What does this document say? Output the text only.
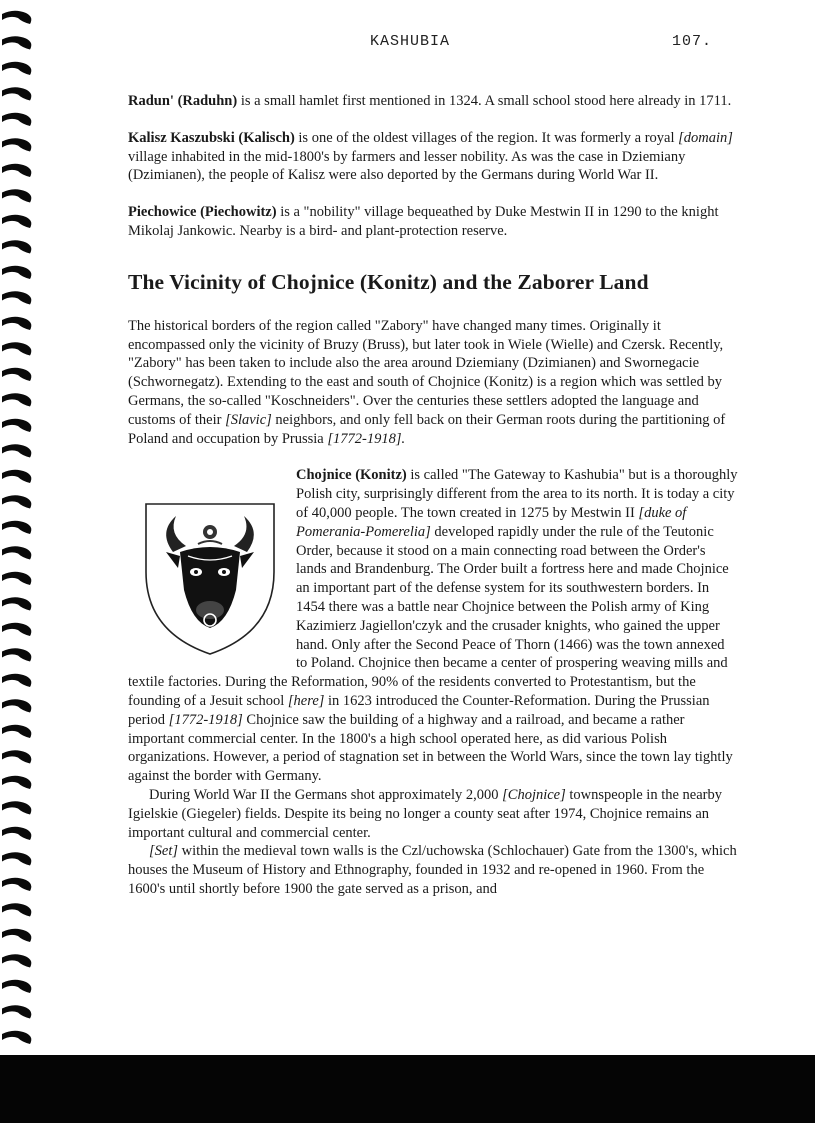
KASHUBIA	107.

Radun' (Raduhn) is a small hamlet first mentioned in 1324. A small school stood here already in 1711.

Kalisz Kaszubski (Kalisch) is one of the oldest villages of the region. It was formerly a royal [domain] village inhabited in the mid-1800's by farmers and lesser nobility. As was the case in Dziemiany (Dzimianen), the people of Kalisz were also deported by the Germans during World War II.

Piechowice (Piechowitz) is a "nobility" village bequeathed by Duke Mestwin II in 1290 to the knight Mikolaj Jankowic. Nearby is a bird- and plant-protection reserve.

The Vicinity of Chojnice (Konitz) and the Zaborer Land

The historical borders of the region called "Zabory" have changed many times. Originally it encompassed only the vicinity of Bruzy (Bruss), but later took in Wiele (Wielle) and Czersk. Recently, "Zabory" has been taken to include also the area around Dziemiany (Dzimianen) and Swornegacie (Schwornegatz). Extending to the east and south of Chojnice (Konitz) is a region which was settled by Germans, the so-called "Koschneiders". Over the centuries these settlers adopted the language and customs of their [Slavic] neighbors, and only fell back on their German roots during the partitioning of Poland and occupation by Prussia [1772-1918].

Chojnice (Konitz) is called "The Gateway to Kashubia" but is a thoroughly Polish city, surprisingly different from the area to its north. It is today a city of 40,000 people. The town created in 1275 by Mestwin II [duke of Pomerania-Pomerelia] developed rapidly under the rule of the Teutonic Order, because it stood on a main connecting road between the Order's lands and Brandenburg. The Order built a fortress here and made Chojnice an important part of the defense system for its southwestern borders. In 1454 there was a battle near Chojnice between the Polish army of King Kazimierz Jagiellon'czyk and the crusader knights, who gained the upper hand. Only after the Second Peace of Thorn (1466) was the town annexed to Poland. Chojnice then became a center of prospering weaving mills and textile factories. During the Reformation, 90% of the residents converted to Protestantism, but the founding of a Jesuit school [here] in 1623 introduced the Counter-Reformation. During the Prussian period [1772-1918] Chojnice saw the building of a highway and a railroad, and became a rather important commercial center. In the 1800's a high school operated here, as did various Polish organizations. However, a period of stagnation set in between the World Wars, since the town lay tightly against the border with Germany.

During World War II the Germans shot approximately 2,000 [Chojnice] townspeople in the nearby Igielskie (Giegeler) fields. Despite its being no longer a county seat after 1974, Chojnice remains an important cultural and commercial center.

[Set] within the medieval town walls is the Czl/uchowska (Schlochauer) Gate from the 1300's, which houses the Museum of History and Ethnography, founded in 1932 and re-opened in 1960. From the 1600's until shortly before 1900 the gate served as a prison, and
